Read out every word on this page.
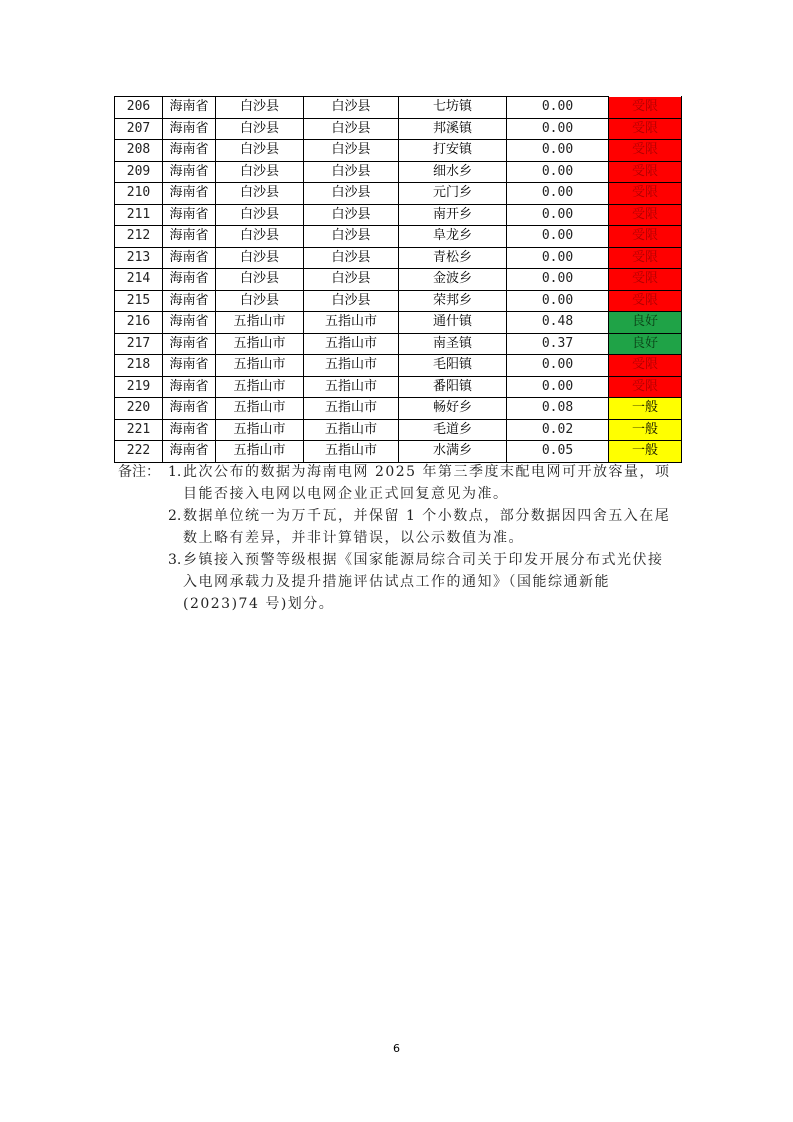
206	海南省	白沙县	白沙县	七坊镇	0.00	受限
207	海南省	白沙县	白沙县	邦溪镇	0.00	受限
208	海南省	白沙县	白沙县	打安镇	0.00	受限
209	海南省	白沙县	白沙县	细水乡	0.00	受限
210	海南省	白沙县	白沙县	元门乡	0.00	受限
211	海南省	白沙县	白沙县	南开乡	0.00	受限
212	海南省	白沙县	白沙县	阜龙乡	0.00	受限
213	海南省	白沙县	白沙县	青松乡	0.00	受限
214	海南省	白沙县	白沙县	金波乡	0.00	受限
215	海南省	白沙县	白沙县	荣邦乡	0.00	受限
216	海南省	五指山市	五指山市	通什镇	0.48	良好
217	海南省	五指山市	五指山市	南圣镇	0.37	良好
218	海南省	五指山市	五指山市	毛阳镇	0.00	受限
219	海南省	五指山市	五指山市	番阳镇	0.00	受限
220	海南省	五指山市	五指山市	畅好乡	0.08	一般
221	海南省	五指山市	五指山市	毛道乡	0.02	一般
222	海南省	五指山市	五指山市	水满乡	0.05	一般
备注： 1. 此次公布的数据为海南电网 2025 年第三季度末配电网可开放容量，项
目能否接入电网以电网企业正式回复意见为准。
2. 数据单位统一为万千瓦，并保留 1 个小数点，部分数据因四舍五入在尾
数上略有差异，并非计算错误，以公示数值为准。
3. 乡镇接入预警等级根据《国家能源局综合司关于印发开展分布式光伏接
入电网承载力及提升措施评估试点工作的通知》（国能综通新能
(2023)74 号)划分。
6
